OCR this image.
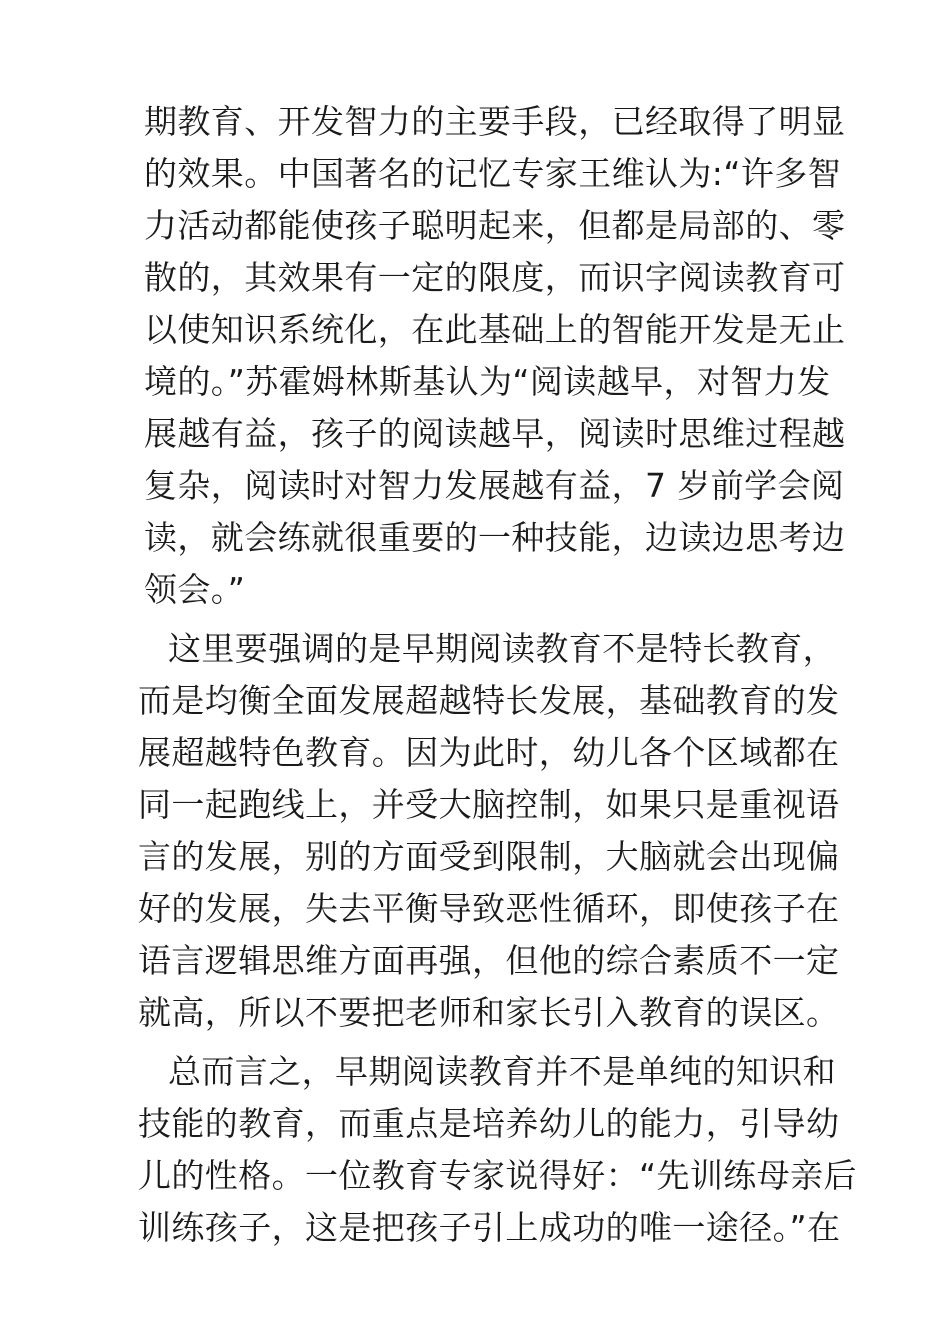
期教育、开发智力的主要手段，已经取得了明显
的效果。中国著名的记忆专家王维认为:“许多智
力活动都能使孩子聪明起来，但都是局部的、零
散的，其效果有一定的限度，而识字阅读教育可
以使知识系统化，在此基础上的智能开发是无止
境的。”苏霍姆林斯基认为“阅读越早，对智力发
展越有益，孩子的阅读越早，阅读时思维过程越
复杂，阅读时对智力发展越有益，7 岁前学会阅
读，就会练就很重要的一种技能，边读边思考边
领会。”

这里要强调的是早期阅读教育不是特长教育，
而是均衡全面发展超越特长发展，基础教育的发
展超越特色教育。因为此时，幼儿各个区域都在
同一起跑线上，并受大脑控制，如果只是重视语
言的发展，别的方面受到限制，大脑就会出现偏
好的发展，失去平衡导致恶性循环，即使孩子在
语言逻辑思维方面再强，但他的综合素质不一定
就高，所以不要把老师和家长引入教育的误区。

总而言之，早期阅读教育并不是单纯的知识和
技能的教育，而重点是培养幼儿的能力，引导幼
儿的性格。一位教育专家说得好：“先训练母亲后
训练孩子，这是把孩子引上成功的唯一途径。”在
